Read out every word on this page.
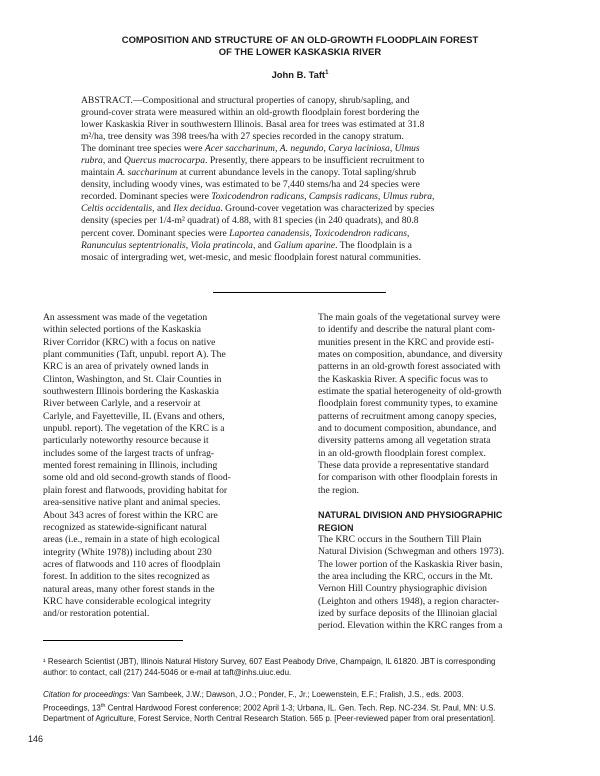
COMPOSITION AND STRUCTURE OF AN OLD-GROWTH FLOODPLAIN FOREST
OF THE LOWER KASKASKIA RIVER
John B. Taft$^1$
ABSTRACT.—Compositional and structural properties of canopy, shrub/sapling, and
ground-cover strata were measured within an old-growth floodplain forest bordering the
lower Kaskaskia River in southwestern Illinois. Basal area for trees was estimated at 31.8
m²/ha, tree density was 398 trees/ha with 27 species recorded in the canopy stratum.
The dominant tree species were Acer saccharinum, A. negundo, Carya laciniosa, Ulmus
rubra, and Quercus macrocarpa. Presently, there appears to be insufficient recruitment to
maintain A. saccharinum at current abundance levels in the canopy. Total sapling/shrub
density, including woody vines, was estimated to be 7,440 stems/ha and 24 species were
recorded. Dominant species were Toxicodendron radicans, Campsis radicans, Ulmus rubra,
Celtis occidentalis, and Ilex decidua. Ground-cover vegetation was characterized by species
density (species per 1/4-m² quadrat) of 4.88, with 81 species (in 240 quadrats), and 80.8
percent cover. Dominant species were Laportea canadensis, Toxicodendron radicans,
Ranunculus septentrionalis, Viola pratincola, and Galium aparine. The floodplain is a
mosaic of intergrading wet, wet-mesic, and mesic floodplain forest natural communities.
An assessment was made of the vegetation
within selected portions of the Kaskaskia
River Corridor (KRC) with a focus on native
plant communities (Taft, unpubl. report A). The
KRC is an area of privately owned lands in
Clinton, Washington, and St. Clair Counties in
southwestern Illinois bordering the Kaskaskia
River between Carlyle, and a reservoir at
Carlyle, and Fayetteville, IL (Evans and others,
unpubl. report). The vegetation of the KRC is a
particularly noteworthy resource because it
includes some of the largest tracts of unfrag-
mented forest remaining in Illinois, including
some old and old second-growth stands of flood-
plain forest and flatwoods, providing habitat for
area-sensitive native plant and animal species.
About 343 acres of forest within the KRC are
recognized as statewide-significant natural
areas (i.e., remain in a state of high ecological
integrity (White 1978)) including about 230
acres of flatwoods and 110 acres of floodplain
forest. In addition to the sites recognized as
natural areas, many other forest stands in the
KRC have considerable ecological integrity
and/or restoration potential.
The main goals of the vegetational survey were
to identify and describe the natural plant com-
munities present in the KRC and provide esti-
mates on composition, abundance, and diversity
patterns in an old-growth forest associated with
the Kaskaskia River. A specific focus was to
estimate the spatial heterogeneity of old-growth
floodplain forest community types, to examine
patterns of recruitment among canopy species,
and to document composition, abundance, and
diversity patterns among all vegetation strata
in an old-growth floodplain forest complex.
These data provide a representative standard
for comparison with other floodplain forests in
the region.
NATURAL DIVISION AND PHYSIOGRAPHIC
REGION
The KRC occurs in the Southern Till Plain
Natural Division (Schwegman and others 1973).
The lower portion of the Kaskaskia River basin,
the area including the KRC, occurs in the Mt.
Vernon Hill Country physiographic division
(Leighton and others 1948), a region character-
ized by surface deposits of the Illinoian glacial
period. Elevation within the KRC ranges from a
¹ Research Scientist (JBT), Illinois Natural History Survey, 607 East Peabody Drive, Champaign, IL 61820. JBT is corresponding
author: to contact, call (217) 244-5046 or e-mail at taft@inhs.uiuc.edu.
Citation for proceedings: Van Sambeek, J.W.; Dawson, J.O.; Ponder, F., Jr.; Loewenstein, E.F.; Fralish, J.S., eds. 2003.
Proceedings, 13th Central Hardwood Forest conference; 2002 April 1-3; Urbana, IL. Gen. Tech. Rep. NC-234. St. Paul, MN: U.S.
Department of Agriculture, Forest Service, North Central Research Station. 565 p. [Peer-reviewed paper from oral presentation].
146
